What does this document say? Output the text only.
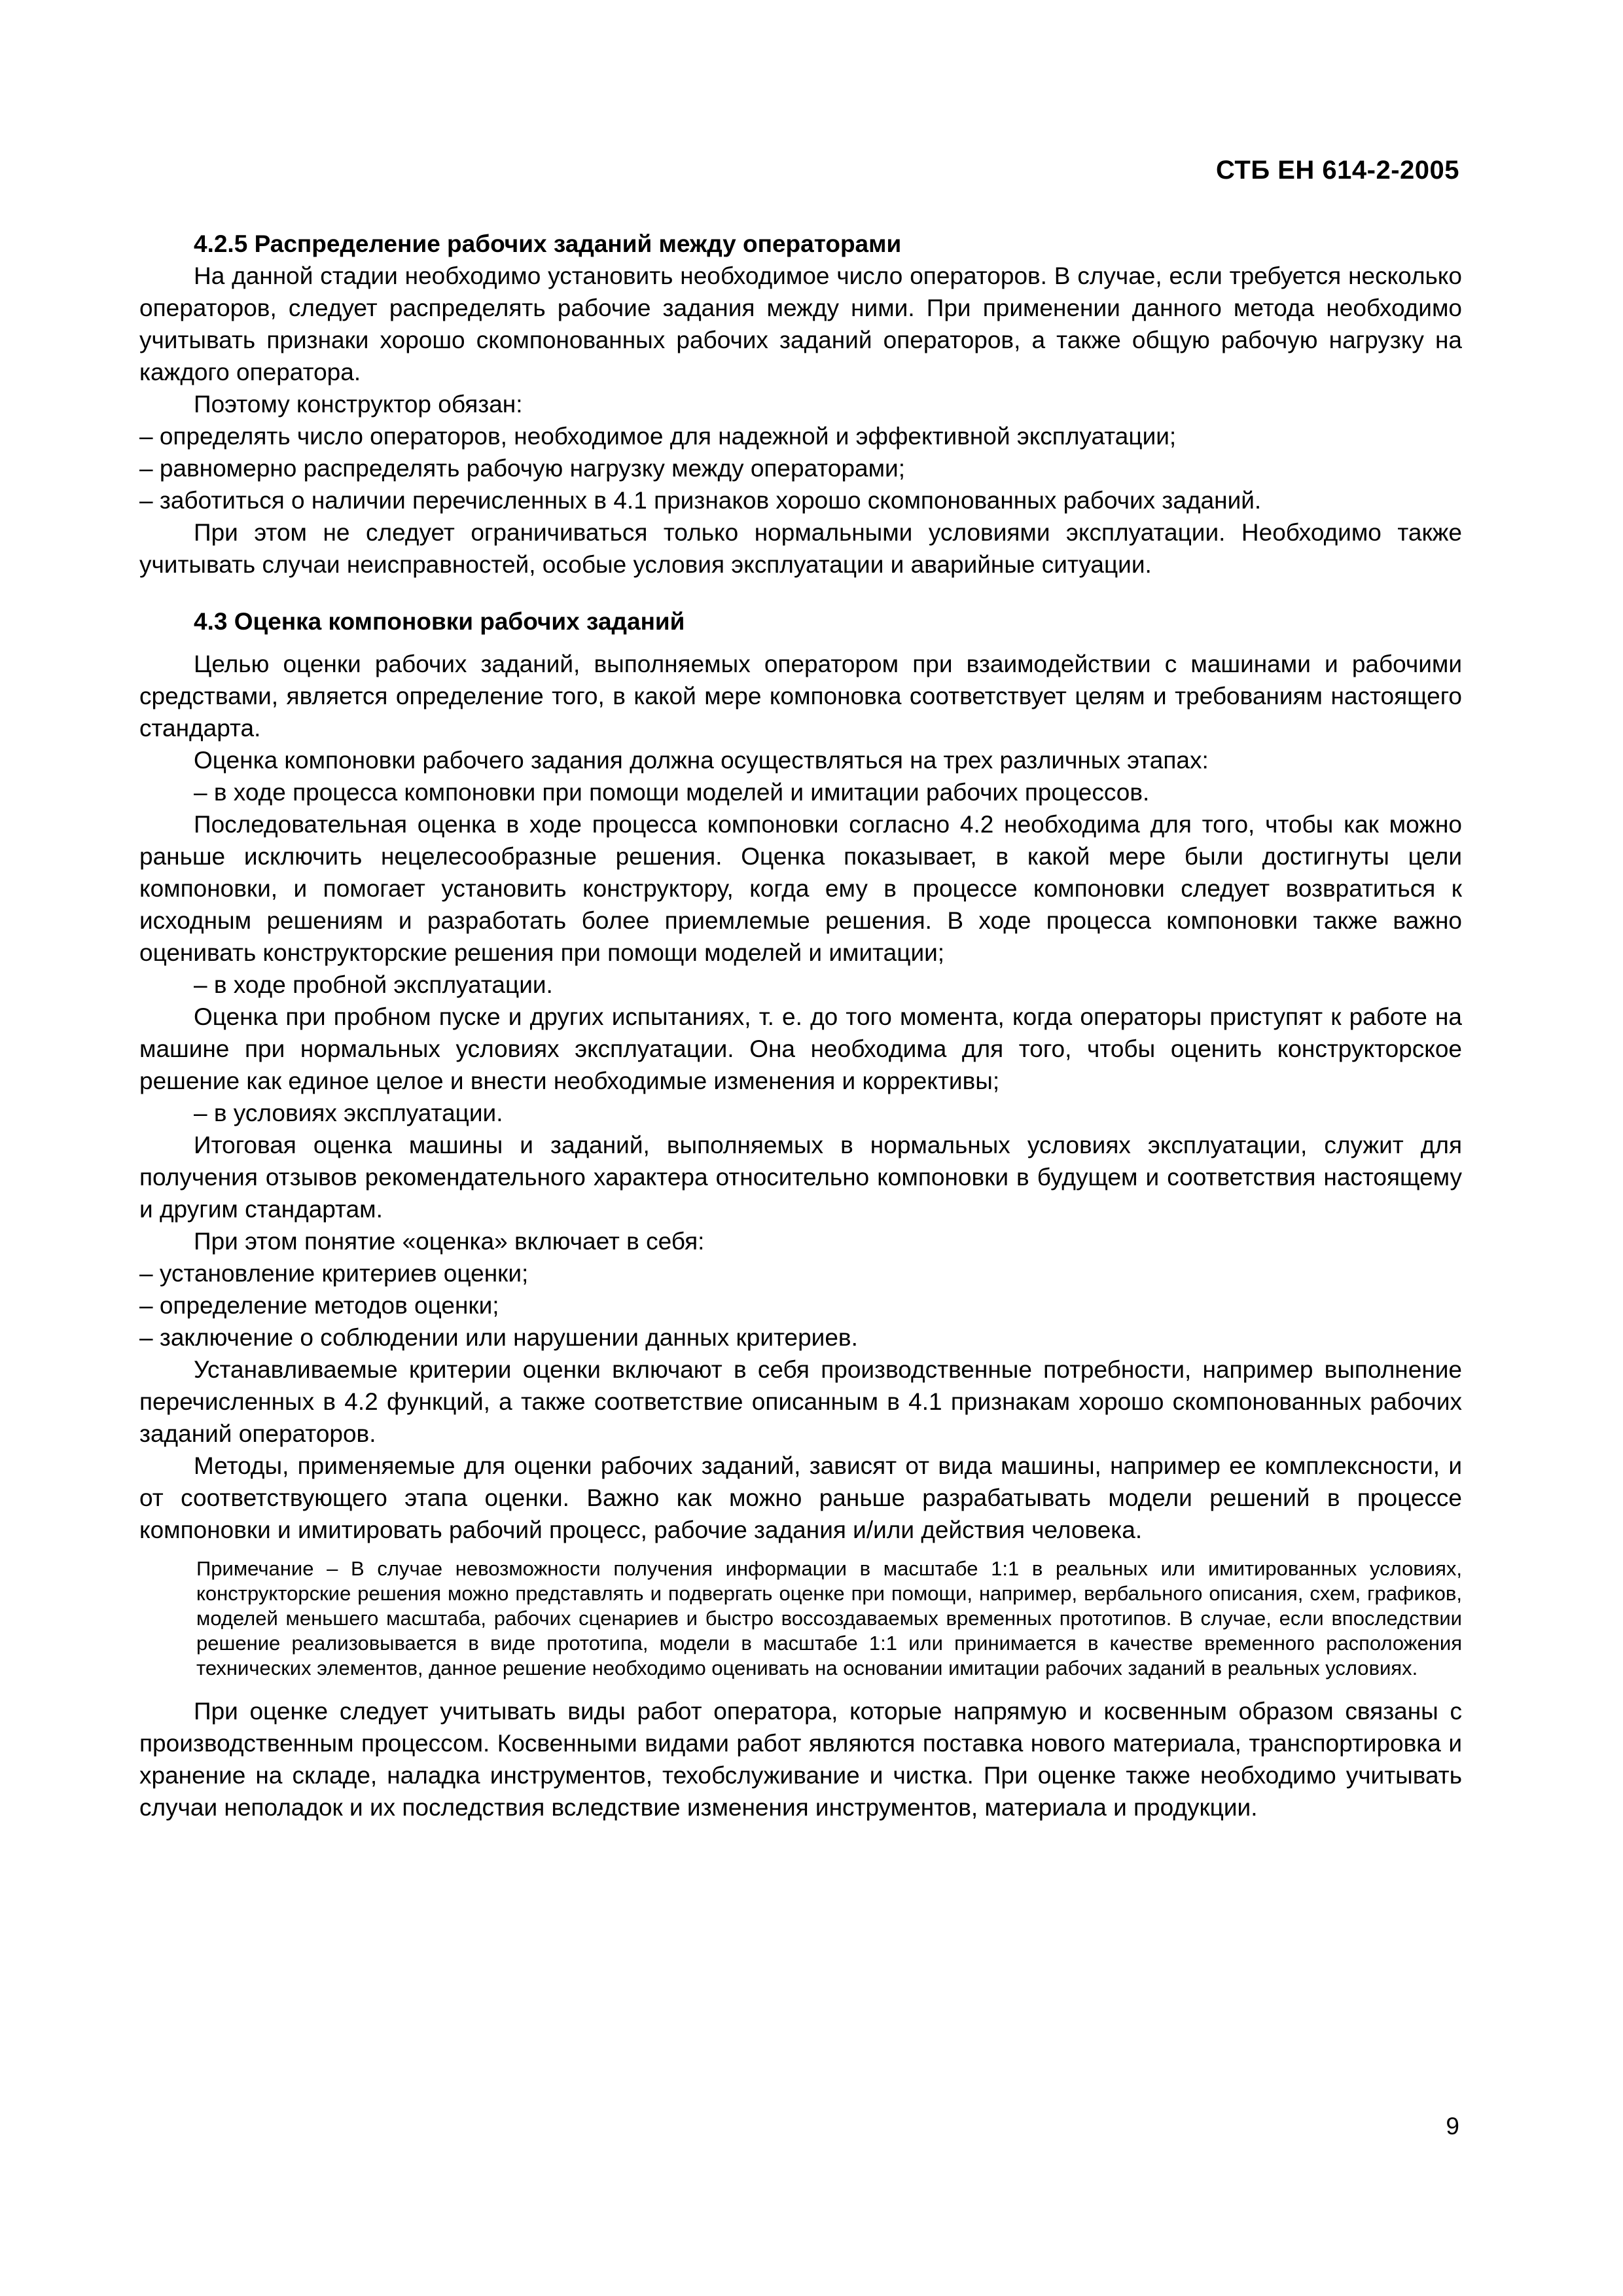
СТБ ЕН 614-2-2005
4.2.5 Распределение рабочих заданий между операторами

На данной стадии необходимо установить необходимое число операторов. В случае, если требуется несколько операторов, следует распределять рабочие задания между ними. При применении данного метода необходимо учитывать признаки хорошо скомпонованных рабочих заданий операторов, а также общую рабочую нагрузку на каждого оператора.

Поэтому конструктор обязан:

– определять число операторов, необходимое для надежной и эффективной эксплуатации;

– равномерно распределять рабочую нагрузку между операторами;

– заботиться о наличии перечисленных в 4.1 признаков хорошо скомпонованных рабочих заданий.

При этом не следует ограничиваться только нормальными условиями эксплуатации. Необходимо также учитывать случаи неисправностей, особые условия эксплуатации и аварийные ситуации.

4.3 Оценка компоновки рабочих заданий

Целью оценки рабочих заданий, выполняемых оператором при взаимодействии с машинами и рабочими средствами, является определение того, в какой мере компоновка соответствует целям и требованиям настоящего стандарта.

Оценка компоновки рабочего задания должна осуществляться на трех различных этапах:

– в ходе процесса компоновки при помощи моделей и имитации рабочих процессов.

Последовательная оценка в ходе процесса компоновки согласно 4.2 необходима для того, чтобы как можно раньше исключить нецелесообразные решения. Оценка показывает, в какой мере были достигнуты цели компоновки, и помогает установить конструктору, когда ему в процессе компоновки следует возвратиться к исходным решениям и разработать более приемлемые решения. В ходе процесса компоновки также важно оценивать конструкторские решения при помощи моделей и имитации;

– в ходе пробной эксплуатации.

Оценка при пробном пуске и других испытаниях, т. е. до того момента, когда операторы приступят к работе на машине при нормальных условиях эксплуатации. Она необходима для того, чтобы оценить конструкторское решение как единое целое и внести необходимые изменения и коррективы;

– в условиях эксплуатации.

Итоговая оценка машины и заданий, выполняемых в нормальных условиях эксплуатации, служит для получения отзывов рекомендательного характера относительно компоновки в будущем и соответствия настоящему и другим стандартам.

При этом понятие «оценка» включает в себя:

– установление критериев оценки;

– определение методов оценки;

– заключение о соблюдении или нарушении данных критериев.

Устанавливаемые критерии оценки включают в себя производственные потребности, например выполнение перечисленных в 4.2 функций, а также соответствие описанным в 4.1 признакам хорошо скомпонованных рабочих заданий операторов.

Методы, применяемые для оценки рабочих заданий, зависят от вида машины, например ее комплексности, и от соответствующего этапа оценки. Важно как можно раньше разрабатывать модели решений в процессе компоновки и имитировать рабочий процесс, рабочие задания и/или действия человека.

Примечание – В случае невозможности получения информации в масштабе 1:1 в реальных или имитированных условиях, конструкторские решения можно представлять и подвергать оценке при помощи, например, вербального описания, схем, графиков, моделей меньшего масштаба, рабочих сценариев и быстро воссоздаваемых временных прототипов. В случае, если впоследствии решение реализовывается в виде прототипа, модели в масштабе 1:1 или принимается в качестве временного расположения технических элементов, данное решение необходимо оценивать на основании имитации рабочих заданий в реальных условиях.

При оценке следует учитывать виды работ оператора, которые напрямую и косвенным образом связаны с производственным процессом. Косвенными видами работ являются поставка нового материала, транспортировка и хранение на складе, наладка инструментов, техобслуживание и чистка. При оценке также необходимо учитывать случаи неполадок и их последствия вследствие изменения инструментов, материала и продукции.

9
